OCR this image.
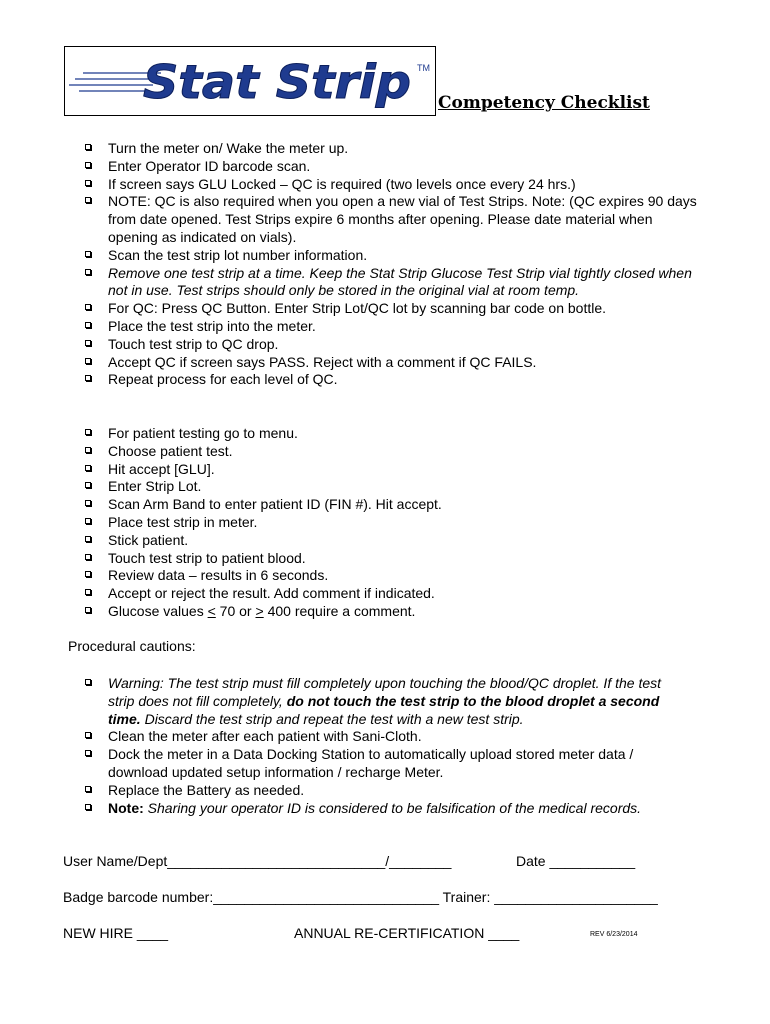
Stat Strip TM
Competency Checklist
Turn the meter on/ Wake the meter up.
Enter Operator ID barcode scan.
If screen says GLU Locked – QC is required (two levels once every 24 hrs.)
NOTE: QC is also required when you open a new vial of Test Strips. Note: (QC expires 90 days from date opened. Test Strips expire 6 months after opening. Please date material when opening as indicated on vials).
Scan the test strip lot number information.
Remove one test strip at a time. Keep the Stat Strip Glucose Test Strip vial tightly closed when not in use. Test strips should only be stored in the original vial at room temp.
For QC: Press QC Button. Enter Strip Lot/QC lot by scanning bar code on bottle.
Place the test strip into the meter.
Touch test strip to QC drop.
Accept QC if screen says PASS. Reject with a comment if QC FAILS.
Repeat process for each level of QC.
For patient testing go to menu.
Choose patient test.
Hit accept [GLU].
Enter Strip Lot.
Scan Arm Band to enter patient ID (FIN #). Hit accept.
Place test strip in meter.
Stick patient.
Touch test strip to patient blood.
Review data – results in 6 seconds.
Accept or reject the result. Add comment if indicated.
Glucose values < 70 or > 400 require a comment.
Procedural cautions:
Warning: The test strip must fill completely upon touching the blood/QC droplet. If the test strip does not fill completely, do not touch the test strip to the blood droplet a second time. Discard the test strip and repeat the test with a new test strip.
Clean the meter after each patient with Sani-Cloth.
Dock the meter in a Data Docking Station to automatically upload stored meter data / download updated setup information / recharge Meter.
Replace the Battery as needed.
Note: Sharing your operator ID is considered to be falsification of the medical records.
User Name/Dept____________________________/________	Date ___________
Badge barcode number:_____________________________ Trainer: _____________________
NEW HIRE ____	ANNUAL RE-CERTIFICATION ____	REV 6/23/2014
